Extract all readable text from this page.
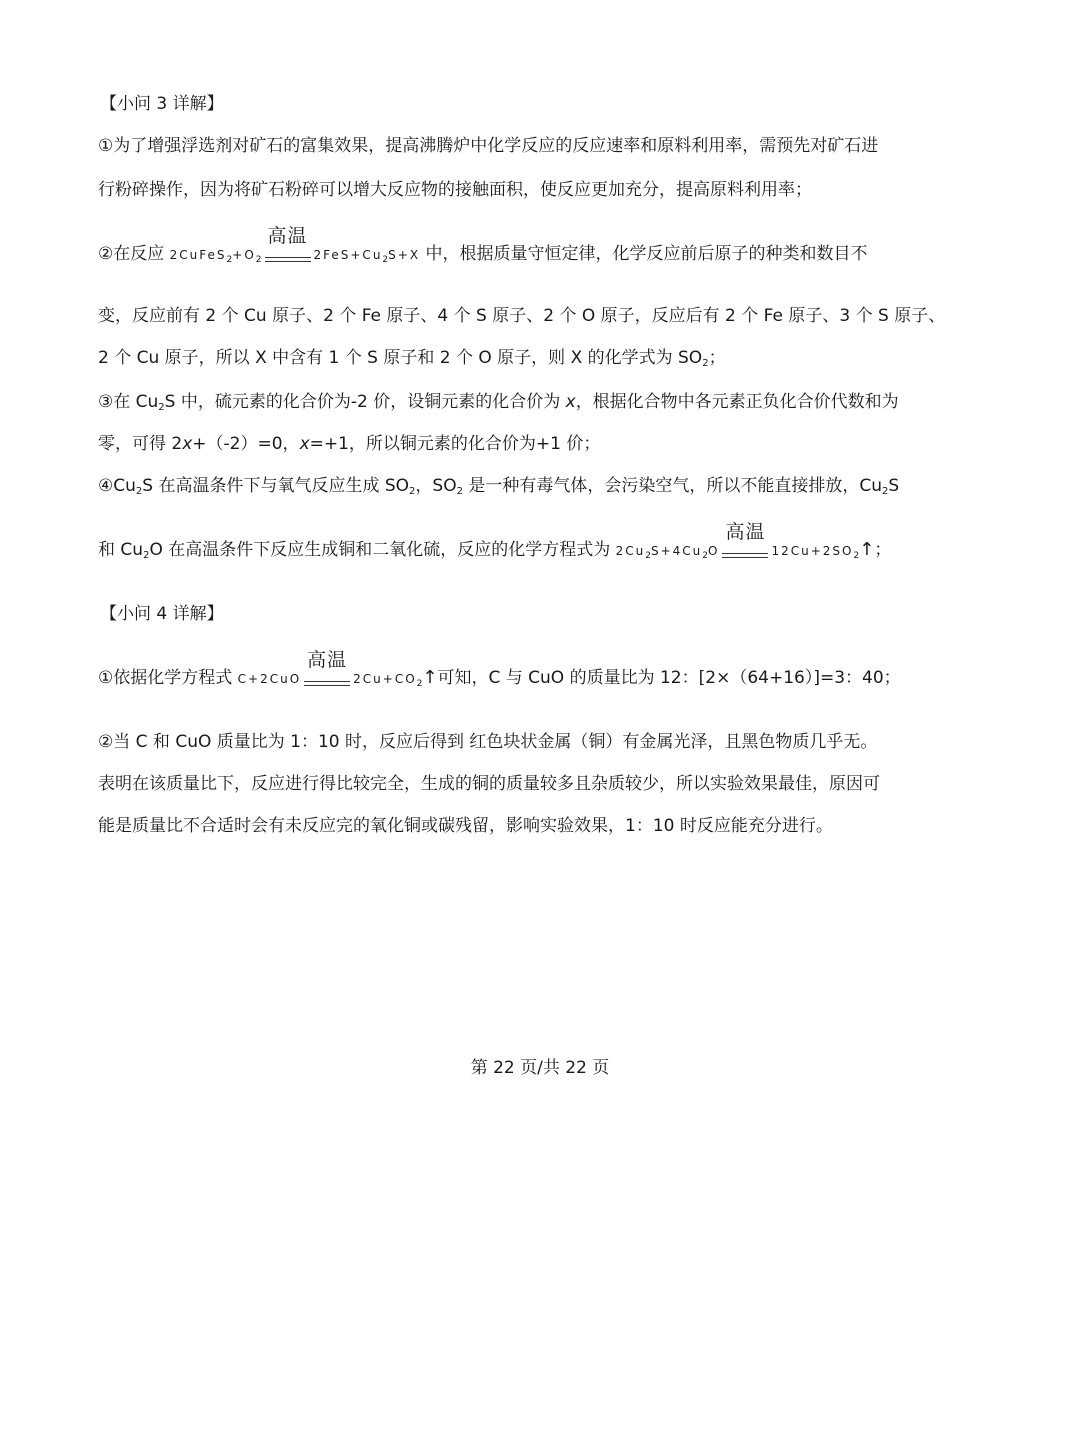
【小问 3 详解】
①为了增强浮选剂对矿石的富集效果，提高沸腾炉中化学反应的反应速率和原料利用率，需预先对矿石进
行粉碎操作，因为将矿石粉碎可以增大反应物的接触面积，使反应更加充分，提高原料利用率；
②在反应 $2CuFeS_2+O_2$
高温
$2FeS+Cu_2S+X$ 中，根据质量守恒定律，化学反应前后原子的种类和数目不
变，反应前有 2 个 Cu 原子、2 个 Fe 原子、4 个 S 原子、2 个 O 原子，反应后有 2 个 Fe 原子、3 个 S 原子、
2 个 Cu 原子，所以 X 中含有 1 个 S 原子和 2 个 O 原子，则 X 的化学式为 SO2；
③在 Cu2S 中，硫元素的化合价为-2 价，设铜元素的化合价为 x，根据化合物中各元素正负化合价代数和为
零，可得 2x+（-2）=0，x=+1，所以铜元素的化合价为+1 价；
④Cu2S 在高温条件下与氧气反应生成 SO2，SO2 是一种有毒气体，会污染空气，所以不能直接排放，Cu2S
和 Cu2O 在高温条件下反应生成铜和二氧化硫，反应的化学方程式为 $2Cu_2S+4Cu_2O$
高温
$12Cu+2SO_2↑$；
【小问 4 详解】
①依据化学方程式 C+2CuO
高温
$2Cu+CO_2↑$可知，C 与 CuO 的质量比为 12：[2×（64+16）]=3：40；
②当 C 和 CuO 质量比为 1：10 时，反应后得到 红色块状金属（铜）有金属光泽，且黑色物质几乎无。
表明在该质量比下，反应进行得比较完全，生成的铜的质量较多且杂质较少，所以实验效果最佳，原因可
能是质量比不合适时会有未反应完的氧化铜或碳残留，影响实验效果，1：10 时反应能充分进行。
第 22 页/共 22 页
